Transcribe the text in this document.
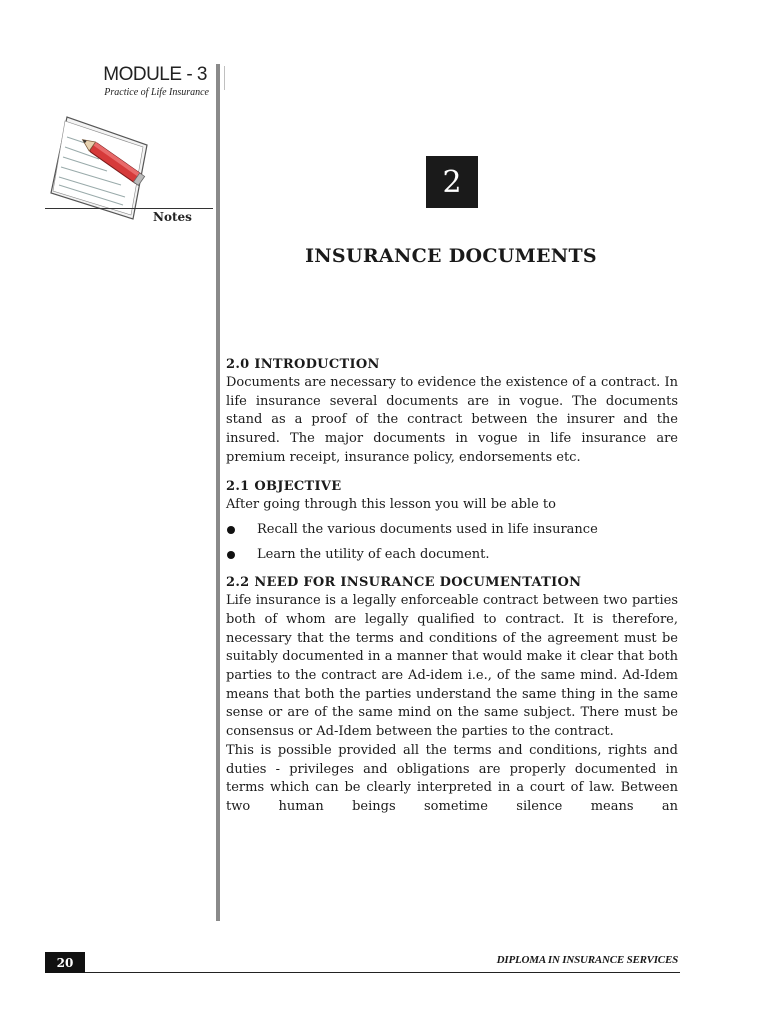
MODULE - 3
Practice of Life Insurance
Notes
2
INSURANCE DOCUMENTS
2.0 INTRODUCTION

Documents are necessary to evidence the existence of a contract. In life insurance several documents are in vogue. The documents stand as a proof of the contract between the insurer and the insured. The major documents in vogue in life insurance are premium receipt, insurance policy, endorsements etc.

2.1 OBJECTIVE

After going through this lesson you will be able to

Recall the various documents used in life insurance
Learn the utility of each document.
2.2 NEED FOR INSURANCE DOCUMENTATION

Life insurance is a legally enforceable contract between two parties both of whom are legally qualified to contract. It is therefore, necessary that the terms and conditions of the agreement must be suitably documented in a manner that would make it clear that both parties to the contract are Ad-idem i.e., of the same mind. Ad-Idem means that both the parties understand the same thing in the same sense or are of the same mind on the same subject. There must be consensus or Ad-Idem between the parties to the contract.

This is possible provided all the terms and conditions, rights and duties - privileges and obligations are properly documented in terms which can be clearly interpreted in a court of law. Between two human beings sometime silence means an

20	DIPLOMA IN INSURANCE SERVICES
